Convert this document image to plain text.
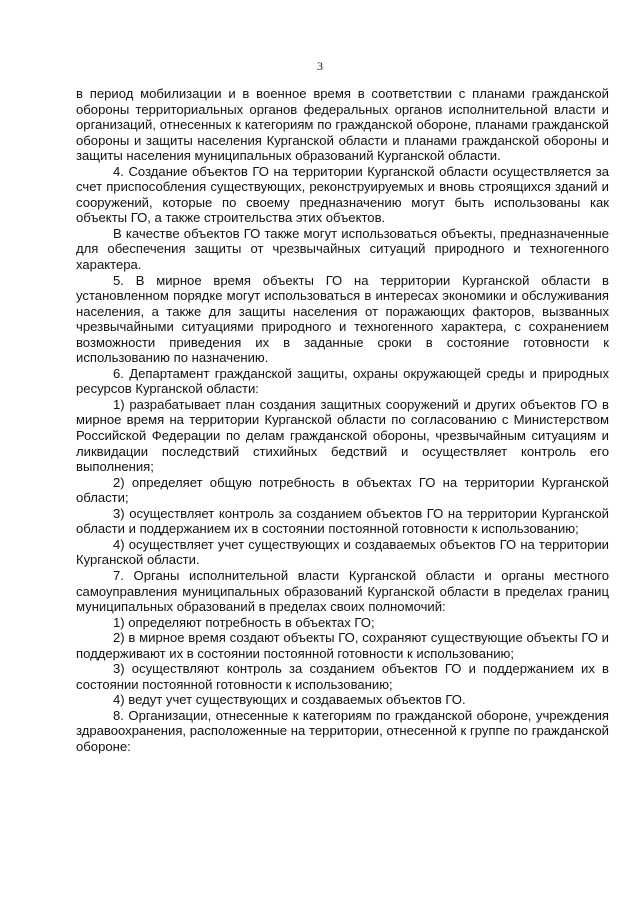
3

в период мобилизации и в военное время в соответствии с планами гражданской обороны территориальных органов федеральных органов исполнительной власти и организаций, отнесенных к категориям по гражданской обороне, планами гражданской обороны и защиты населения Курганской области и планами гражданской обороны и защиты населения муниципальных образований Курганской области.

4. Создание объектов ГО на территории Курганской области осуществляется за счет приспособления существующих, реконструируемых и вновь строящихся зданий и сооружений, которые по своему предназначению могут быть использованы как объекты ГО, а также строительства этих объектов.

В качестве объектов ГО также могут использоваться объекты, предназначенные для обеспечения защиты от чрезвычайных ситуаций природного и техногенного характера.

5. В мирное время объекты ГО на территории Курганской области в установленном порядке могут использоваться в интересах экономики и обслуживания населения, а также для защиты населения от поражающих факторов, вызванных чрезвычайными ситуациями природного и техногенного характера, с сохранением возможности приведения их в заданные сроки в состояние готовности к использованию по назначению.

6. Департамент гражданской защиты, охраны окружающей среды и природных ресурсов Курганской области:

1) разрабатывает план создания защитных сооружений и других объектов ГО в мирное время на территории Курганской области по согласованию с Министерством Российской Федерации по делам гражданской обороны, чрезвычайным ситуациям и ликвидации последствий стихийных бедствий и осуществляет контроль его выполнения;

2) определяет общую потребность в объектах ГО на территории Курганской области;

3) осуществляет контроль за созданием объектов ГО на территории Курганской области и поддержанием их в состоянии постоянной готовности к использованию;

4) осуществляет учет существующих и создаваемых объектов ГО на территории Курганской области.

7. Органы исполнительной власти Курганской области и органы местного самоуправления муниципальных образований Курганской области в пределах границ муниципальных образований в пределах своих полномочий:

1) определяют потребность в объектах ГО;

2) в мирное время создают объекты ГО, сохраняют существующие объекты ГО и поддерживают их в состоянии постоянной готовности к использованию;

3) осуществляют контроль за созданием объектов ГО и поддержанием их в состоянии постоянной готовности к использованию;

4) ведут учет существующих и создаваемых объектов ГО.

8. Организации, отнесенные к категориям по гражданской обороне, учреждения здравоохранения, расположенные на территории, отнесенной к группе по гражданской обороне:
